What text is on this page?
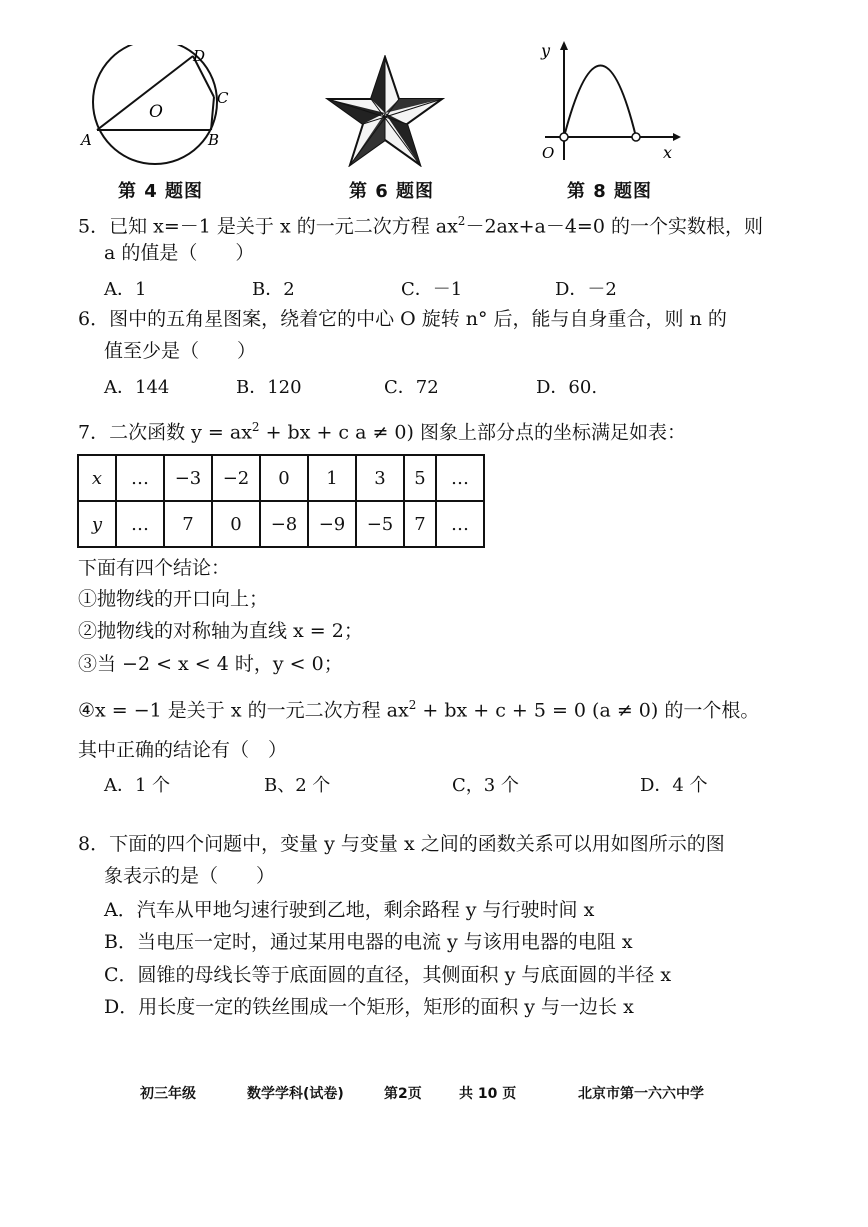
A	B
C
D
O
第 4 题图	第 6 题图
y
x
O
第 8 题图
5．已知 x=－1 是关于 x 的一元二次方程 $ax^2-2ax+a-4=0$ 的一个实数根，则
a 的值是（　　）
A．1	B．2	C．－1	D．－2
6．图中的五角星图案，绕着它的中心 O 旋转 n° 后，能与自身重合，则 n 的
值至少是（　　）
A．144	B．120	C．72	D．60.
7．二次函数 $y = ax^2$ + bx + c a ≠ 0) 图象上部分点的坐标满足如表：
x	…	−3	−2	0	1	3	5	…
y	…	7	0	−8	−9	−5	7	…
下面有四个结论：
①抛物线的开口向上；
②抛物线的对称轴为直线 x = 2；
③当 −2 < x < 4 时，y < 0；
④x = −1 是关于 x 的一元二次方程 $ax^2$ + bx + c + 5 = 0 (a ≠ 0) 的一个根。
其中正确的结论有（　）
A．1 个	B、2 个	C，3 个	D．4 个
8．下面的四个问题中，变量 y 与变量 x 之间的函数关系可以用如图所示的图
象表示的是（　　）
A．汽车从甲地匀速行驶到乙地，剩余路程 y 与行驶时间 x
B．当电压一定时，通过某用电器的电流 y 与该用电器的电阻 x
C．圆锥的母线长等于底面圆的直径，其侧面积 y 与底面圆的半径 x
D．用长度一定的铁丝围成一个矩形，矩形的面积 y 与一边长 x
初三年级	数学学科(试卷)	第2页	共 10 页	北京市第一六六中学
